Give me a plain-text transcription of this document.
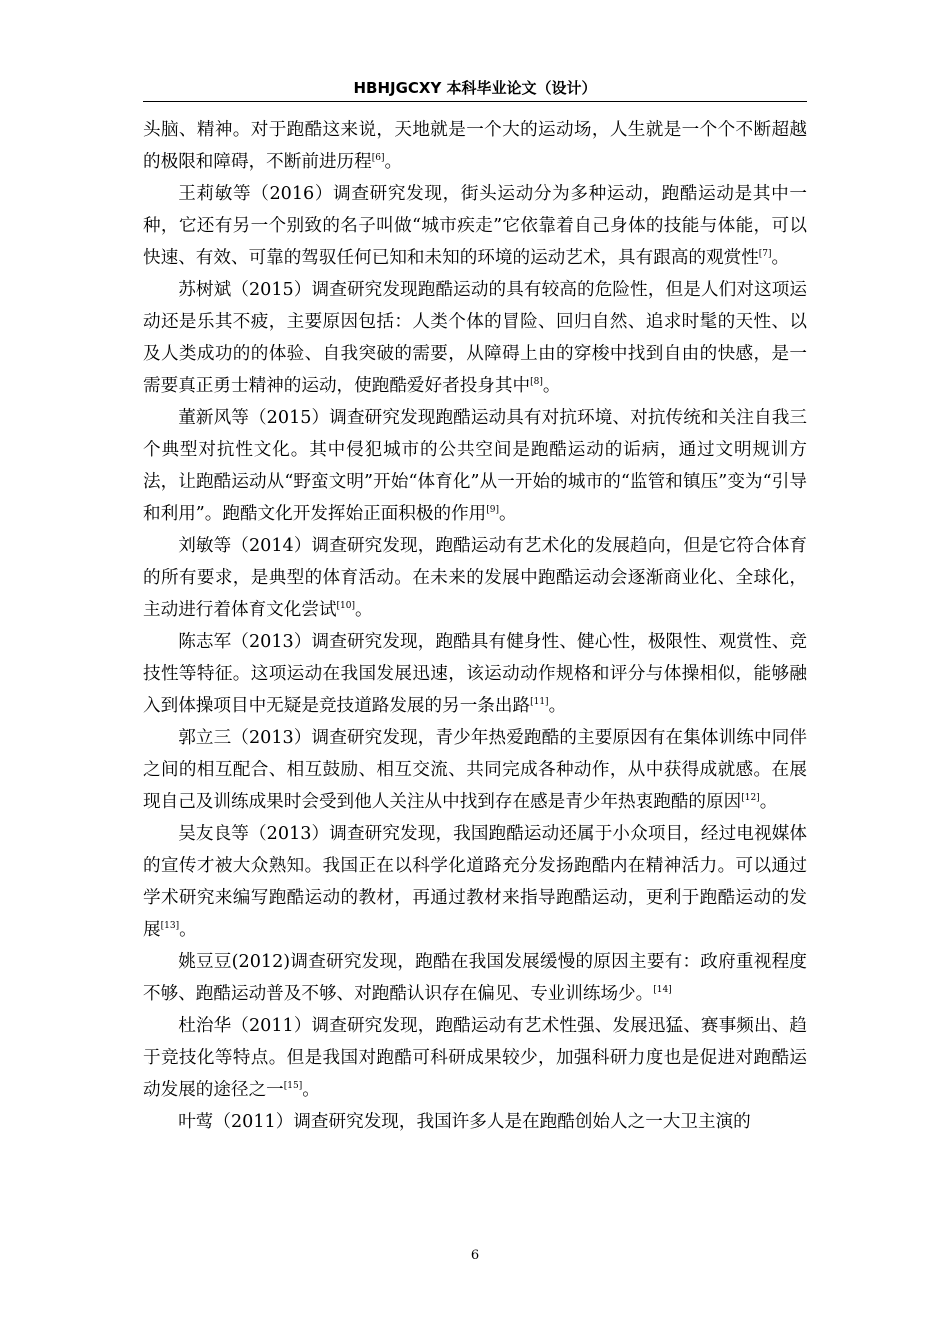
HBHJGCXY 本科毕业论文（设计）

头脑、精神。对于跑酷这来说，天地就是一个大的运动场，人生就是一个个不断超越的极限和障碍，不断前进历程[6]。

王莉敏等（2016）调查研究发现，街头运动分为多种运动，跑酷运动是其中一种，它还有另一个别致的名子叫做“城市疾走”它依靠着自己身体的技能与体能，可以快速、有效、可靠的驾驭任何已知和未知的环境的运动艺术，具有跟高的观赏性[7]。

苏树斌（2015）调查研究发现跑酷运动的具有较高的危险性，但是人们对这项运动还是乐其不疲，主要原因包括：人类个体的冒险、回归自然、追求时髦的天性、以及人类成功的的体验、自我突破的需要，从障碍上由的穿梭中找到自由的快感，是一需要真正勇士精神的运动，使跑酷爱好者投身其中[8]。

董新风等（2015）调查研究发现跑酷运动具有对抗环境、对抗传统和关注自我三个典型对抗性文化。其中侵犯城市的公共空间是跑酷运动的诟病，通过文明规训方法，让跑酷运动从“野蛮文明”开始“体育化”从一开始的城市的“监管和镇压”变为“引导和利用”。跑酷文化开发挥始正面积极的作用[9]。

刘敏等（2014）调查研究发现，跑酷运动有艺术化的发展趋向，但是它符合体育的所有要求，是典型的体育活动。在未来的发展中跑酷运动会逐渐商业化、全球化，主动进行着体育文化尝试[10]。

陈志军（2013）调查研究发现，跑酷具有健身性、健心性，极限性、观赏性、竞技性等特征。这项运动在我国发展迅速，该运动动作规格和评分与体操相似，能够融入到体操项目中无疑是竞技道路发展的另一条出路[11]。

郭立三（2013）调查研究发现，青少年热爱跑酷的主要原因有在集体训练中同伴之间的相互配合、相互鼓励、相互交流、共同完成各种动作，从中获得成就感。在展现自己及训练成果时会受到他人关注从中找到存在感是青少年热衷跑酷的原因[12]。

吴友良等（2013）调查研究发现，我国跑酷运动还属于小众项目，经过电视媒体的宣传才被大众熟知。我国正在以科学化道路充分发扬跑酷内在精神活力。可以通过学术研究来编写跑酷运动的教材，再通过教材来指导跑酷运动，更利于跑酷运动的发展[13]。

姚豆豆(2012)调查研究发现，跑酷在我国发展缓慢的原因主要有：政府重视程度不够、跑酷运动普及不够、对跑酷认识存在偏见、专业训练场少。[14]

杜治华（2011）调查研究发现，跑酷运动有艺术性强、发展迅猛、赛事频出、趋于竞技化等特点。但是我国对跑酷可科研成果较少，加强科研力度也是促进对跑酷运动发展的途径之一[15]。

叶莺（2011）调查研究发现，我国许多人是在跑酷创始人之一大卫主演的

6
